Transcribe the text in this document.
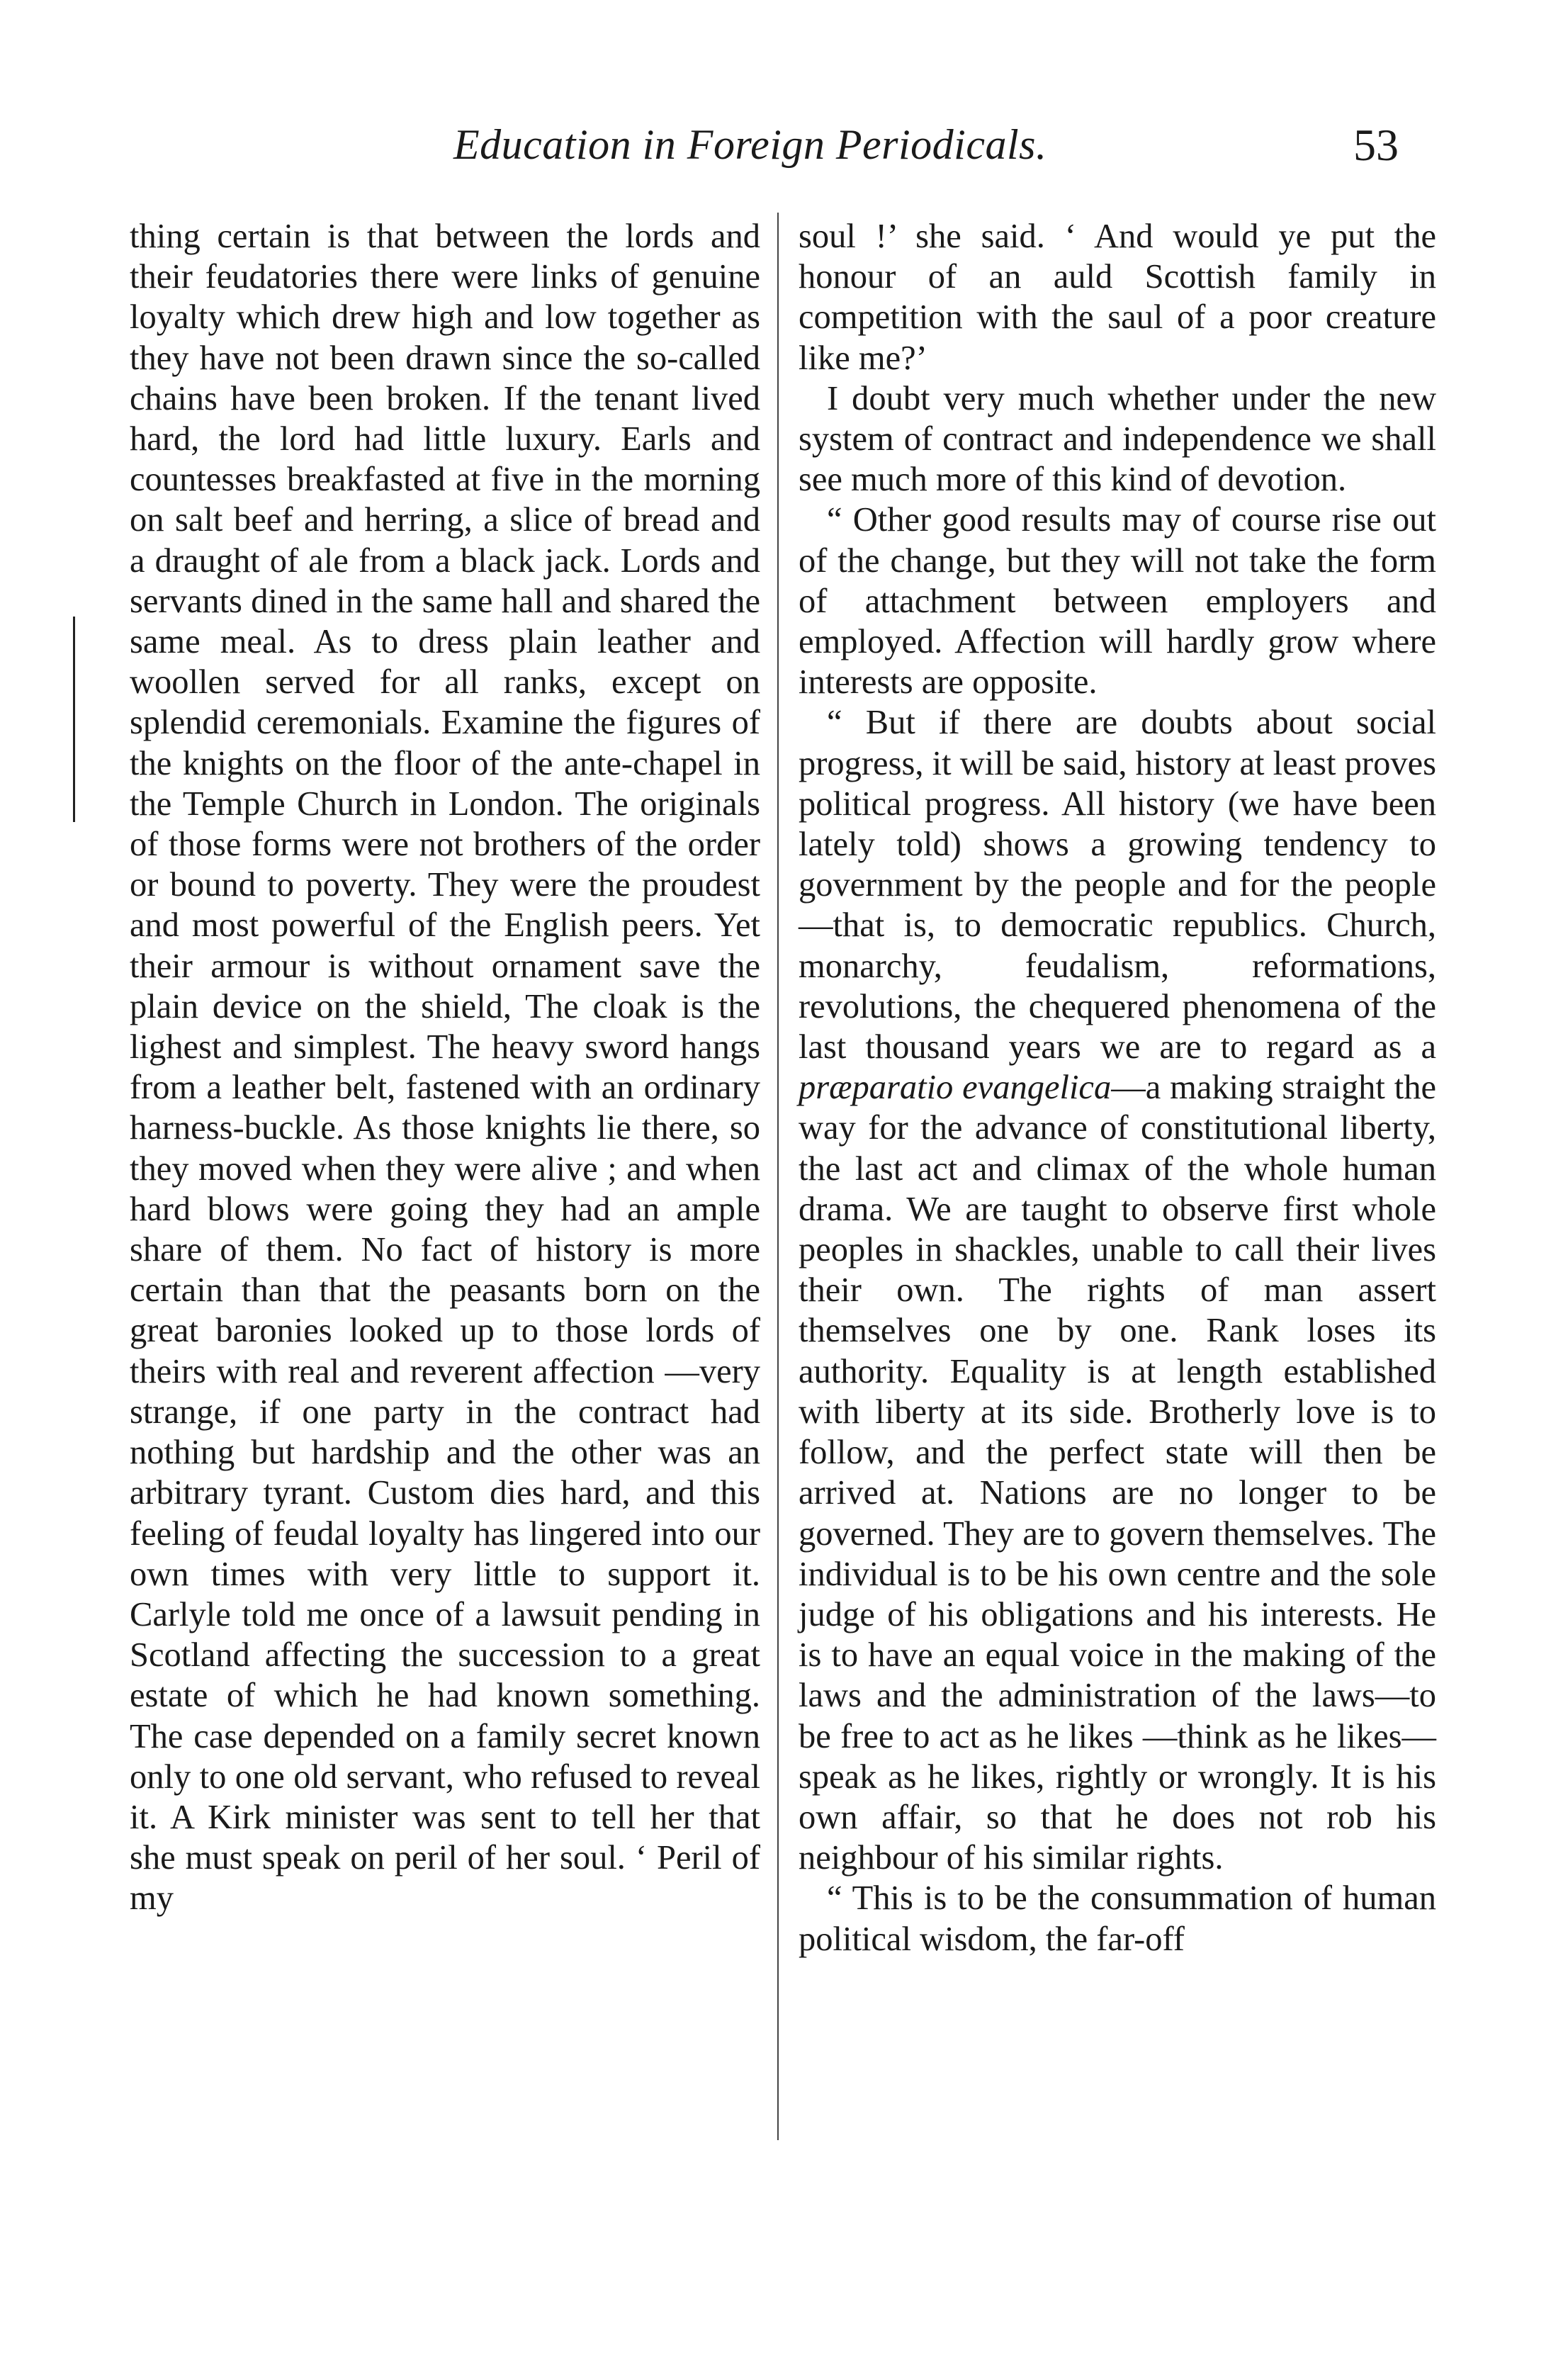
Education in Foreign Periodicals.	53

thing certain is that between the lords and their feudatories there were links of genuine loyalty which drew high and low together as they have not been drawn since the so-called chains have been broken. If the tenant lived hard, the lord had little luxury. Earls and countesses breakfasted at five in the morning on salt beef and herring, a slice of bread and a draught of ale from a black jack. Lords and servants dined in the same hall and shared the same meal. As to dress plain leather and woollen served for all ranks, except on splendid ceremonials. Examine the figures of the knights on the floor of the ante-chapel in the Temple Church in London. The originals of those forms were not brothers of the order or bound to poverty. They were the proudest and most powerful of the English peers. Yet their armour is without ornament save the plain device on the shield, The cloak is the lighest and simplest. The heavy sword hangs from a leather belt, fastened with an ordinary harness-buckle. As those knights lie there, so they moved when they were alive ; and when hard blows were going they had an ample share of them. No fact of history is more certain than that the peasants born on the great baronies looked up to those lords of theirs with real and reverent affection —very strange, if one party in the contract had nothing but hardship and the other was an arbitrary tyrant. Custom dies hard, and this feeling of feudal loyalty has lingered into our own times with very little to support it. Carlyle told me once of a lawsuit pending in Scotland affecting the succession to a great estate of which he had known something. The case depended on a family secret known only to one old servant, who refused to reveal it. A Kirk minister was sent to tell her that she must speak on peril of her soul. ‘ Peril of my

soul !’ she said. ‘ And would ye put the honour of an auld Scottish family in competition with the saul of a poor creature like me?’

I doubt very much whether under the new system of contract and independence we shall see much more of this kind of devotion.

“ Other good results may of course rise out of the change, but they will not take the form of attachment between employers and employed. Affection will hardly grow where interests are opposite.

“ But if there are doubts about social progress, it will be said, history at least proves political progress. All history (we have been lately told) shows a growing tendency to government by the people and for the people—that is, to democratic republics. Church, monarchy, feudalism, reformations, revolutions, the chequered phenomena of the last thousand years we are to regard as a præparatio evangelica—a making straight the way for the advance of constitutional liberty, the last act and climax of the whole human drama. We are taught to observe first whole peoples in shackles, unable to call their lives their own. The rights of man assert themselves one by one. Rank loses its authority. Equality is at length established with liberty at its side. Brotherly love is to follow, and the perfect state will then be arrived at. Nations are no longer to be governed. They are to govern themselves. The individual is to be his own centre and the sole judge of his obligations and his interests. He is to have an equal voice in the making of the laws and the administration of the laws—to be free to act as he likes —think as he likes—speak as he likes, rightly or wrongly. It is his own affair, so that he does not rob his neighbour of his similar rights.

“ This is to be the consummation of human political wisdom, the far-off
